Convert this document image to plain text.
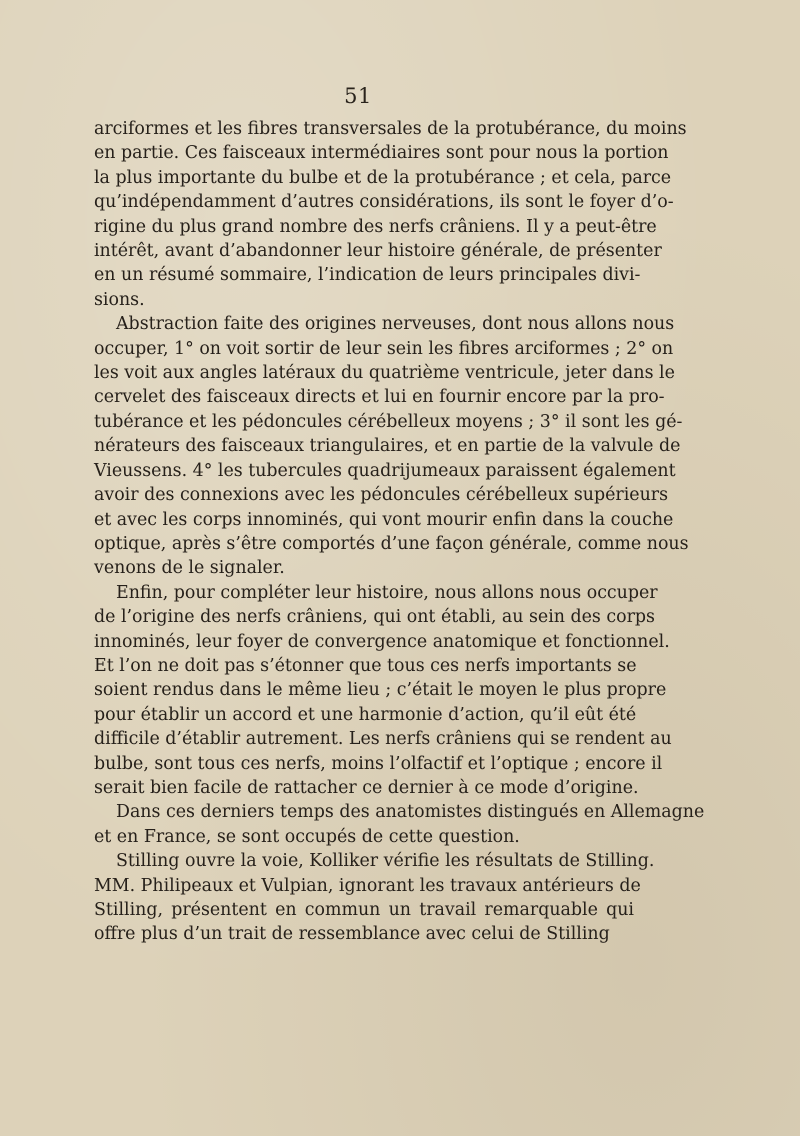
51

arciformes et les fibres transversales de la protubérance, du moins
en partie. Ces faisceaux intermédiaires sont pour nous la portion
la plus importante du bulbe et de la protubérance ; et cela, parce
qu’indépendamment d’autres considérations, ils sont le foyer d’o-
rigine du plus grand nombre des nerfs crâniens. Il y a peut-être
intérêt, avant d’abandonner leur histoire générale, de présenter
en un résumé sommaire, l’indication de leurs principales divi-
sions.

Abstraction faite des origines nerveuses, dont nous allons nous
occuper, 1° on voit sortir de leur sein les fibres arciformes ; 2° on
les voit aux angles latéraux du quatrième ventricule, jeter dans le
cervelet des faisceaux directs et lui en fournir encore par la pro-
tubérance et les pédoncules cérébelleux moyens ; 3° il sont les gé-
nérateurs des faisceaux triangulaires, et en partie de la valvule de
Vieussens. 4° les tubercules quadrijumeaux paraissent également
avoir des connexions avec les pédoncules cérébelleux supérieurs
et avec les corps innominés, qui vont mourir enfin dans la couche
optique, après s’être comportés d’une façon générale, comme nous
venons de le signaler.

Enfin, pour compléter leur histoire, nous allons nous occuper
de l’origine des nerfs crâniens, qui ont établi, au sein des corps
innominés, leur foyer de convergence anatomique et fonctionnel.
Et l’on ne doit pas s’étonner que tous ces nerfs importants se
soient rendus dans le même lieu ; c’était le moyen le plus propre
pour établir un accord et une harmonie d’action, qu’il eût été
difficile d’établir autrement. Les nerfs crâniens qui se rendent au
bulbe, sont tous ces nerfs, moins l’olfactif et l’optique ; encore il
serait bien facile de rattacher ce dernier à ce mode d’origine.

Dans ces derniers temps des anatomistes distingués en Allemagne
et en France, se sont occupés de cette question.

Stilling ouvre la voie, Kolliker vérifie les résultats de Stilling.
MM. Philipeaux et Vulpian, ignorant les travaux antérieurs de
Stilling, présentent en commun un travail remarquable qui
offre plus d’un trait de ressemblance avec celui de Stilling
